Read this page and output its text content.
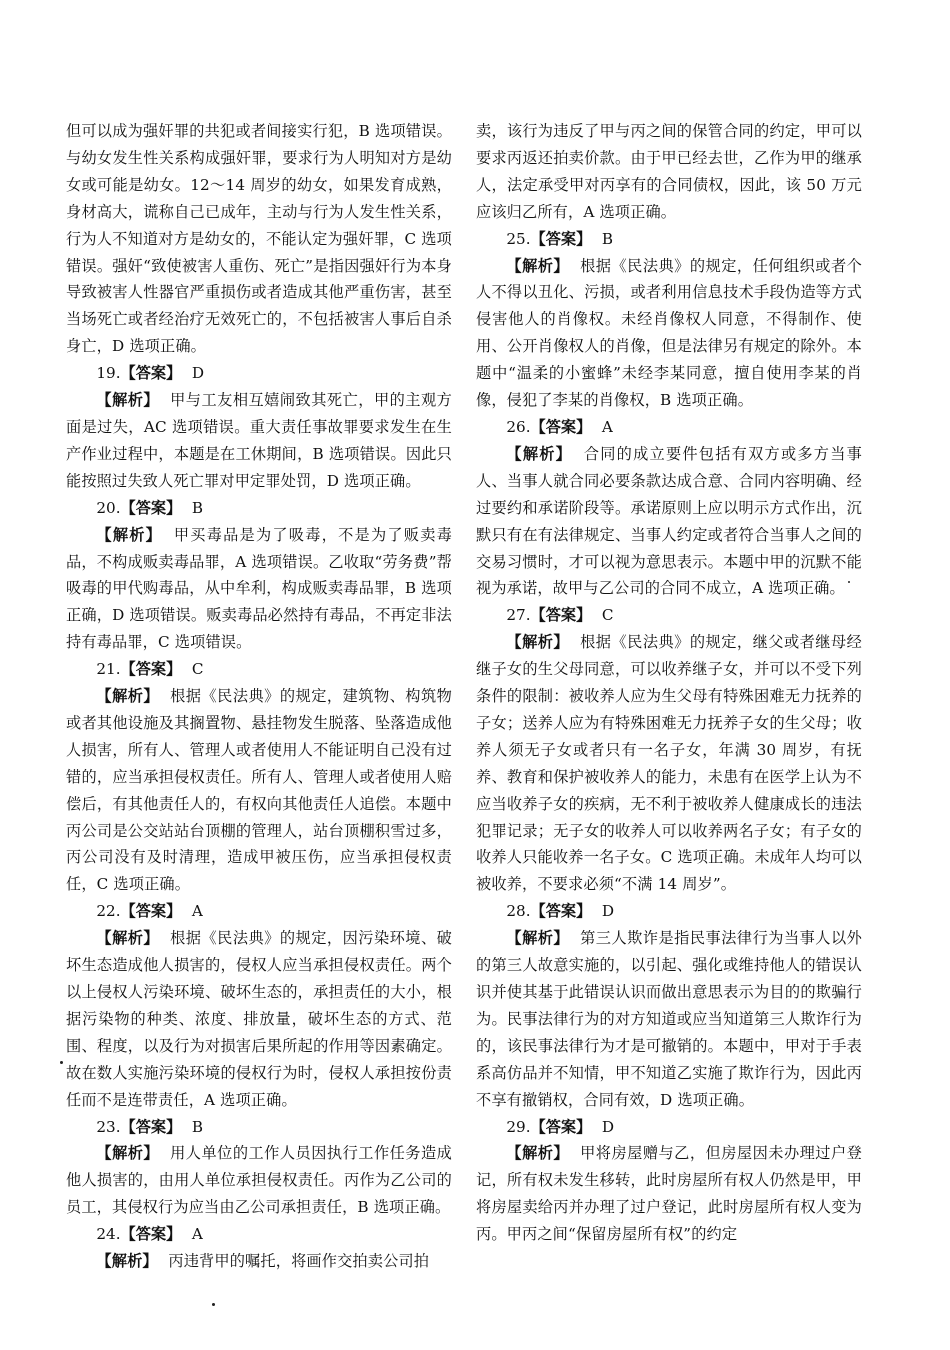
但可以成为强奸罪的共犯或者间接实行犯，B 选项错误。与幼女发生性关系构成强奸罪，要求行为人明知对方是幼女或可能是幼女。12～14 周岁的幼女，如果发育成熟，身材高大，谎称自己已成年，主动与行为人发生性关系，行为人不知道对方是幼女的，不能认定为强奸罪，C 选项错误。强奸“致使被害人重伤、死亡”是指因强奸行为本身导致被害人性器官严重损伤或者造成其他严重伤害，甚至当场死亡或者经治疗无效死亡的，不包括被害人事后自杀身亡，D 选项正确。

19.【答案】 D

【解析】 甲与工友相互嬉闹致其死亡，甲的主观方面是过失，AC 选项错误。重大责任事故罪要求发生在生产作业过程中，本题是在工休期间，B 选项错误。因此只能按照过失致人死亡罪对甲定罪处罚，D 选项正确。

20.【答案】 B

【解析】 甲买毒品是为了吸毒，不是为了贩卖毒品，不构成贩卖毒品罪，A 选项错误。乙收取“劳务费”帮吸毒的甲代购毒品，从中牟利，构成贩卖毒品罪，B 选项正确，D 选项错误。贩卖毒品必然持有毒品，不再定非法持有毒品罪，C 选项错误。

21.【答案】 C

【解析】 根据《民法典》的规定，建筑物、构筑物或者其他设施及其搁置物、悬挂物发生脱落、坠落造成他人损害，所有人、管理人或者使用人不能证明自己没有过错的，应当承担侵权责任。所有人、管理人或者使用人赔偿后，有其他责任人的，有权向其他责任人追偿。本题中丙公司是公交站站台顶棚的管理人，站台顶棚积雪过多，丙公司没有及时清理，造成甲被压伤，应当承担侵权责任，C 选项正确。

22.【答案】 A

【解析】 根据《民法典》的规定，因污染环境、破坏生态造成他人损害的，侵权人应当承担侵权责任。两个以上侵权人污染环境、破坏生态的，承担责任的大小，根据污染物的种类、浓度、排放量，破坏生态的方式、范围、程度，以及行为对损害后果所起的作用等因素确定。故在数人实施污染环境的侵权行为时，侵权人承担按份责任而不是连带责任，A 选项正确。

23.【答案】 B

【解析】 用人单位的工作人员因执行工作任务造成他人损害的，由用人单位承担侵权责任。丙作为乙公司的员工，其侵权行为应当由乙公司承担责任，B 选项正确。

24.【答案】 A

【解析】 丙违背甲的嘱托，将画作交拍卖公司拍

卖，该行为违反了甲与丙之间的保管合同的约定，甲可以要求丙返还拍卖价款。由于甲已经去世，乙作为甲的继承人，法定承受甲对丙享有的合同债权，因此，该 50 万元应该归乙所有，A 选项正确。

25.【答案】 B

【解析】 根据《民法典》的规定，任何组织或者个人不得以丑化、污损，或者利用信息技术手段伪造等方式侵害他人的肖像权。未经肖像权人同意，不得制作、使用、公开肖像权人的肖像，但是法律另有规定的除外。本题中“温柔的小蜜蜂”未经李某同意，擅自使用李某的肖像，侵犯了李某的肖像权，B 选项正确。

26.【答案】 A

【解析】 合同的成立要件包括有双方或多方当事人、当事人就合同必要条款达成合意、合同内容明确、经过要约和承诺阶段等。承诺原则上应以明示方式作出，沉默只有在有法律规定、当事人约定或者符合当事人之间的交易习惯时，才可以视为意思表示。本题中甲的沉默不能视为承诺，故甲与乙公司的合同不成立，A 选项正确。

27.【答案】 C

【解析】 根据《民法典》的规定，继父或者继母经继子女的生父母同意，可以收养继子女，并可以不受下列条件的限制：被收养人应为生父母有特殊困难无力抚养的子女；送养人应为有特殊困难无力抚养子女的生父母；收养人须无子女或者只有一名子女，年满 30 周岁，有抚养、教育和保护被收养人的能力，未患有在医学上认为不应当收养子女的疾病，无不利于被收养人健康成长的违法犯罪记录；无子女的收养人可以收养两名子女；有子女的收养人只能收养一名子女。C 选项正确。未成年人均可以被收养，不要求必须“不满 14 周岁”。

28.【答案】 D

【解析】 第三人欺诈是指民事法律行为当事人以外的第三人故意实施的，以引起、强化或维持他人的错误认识并使其基于此错误认识而做出意思表示为目的的欺骗行为。民事法律行为的对方知道或应当知道第三人欺诈行为的，该民事法律行为才是可撤销的。本题中，甲对于手表系高仿品并不知情，甲不知道乙实施了欺诈行为，因此丙不享有撤销权，合同有效，D 选项正确。

29.【答案】 D

【解析】 甲将房屋赠与乙，但房屋因未办理过户登记，所有权未发生移转，此时房屋所有权人仍然是甲，甲将房屋卖给丙并办理了过户登记，此时房屋所有权人变为丙。甲丙之间“保留房屋所有权”的约定
